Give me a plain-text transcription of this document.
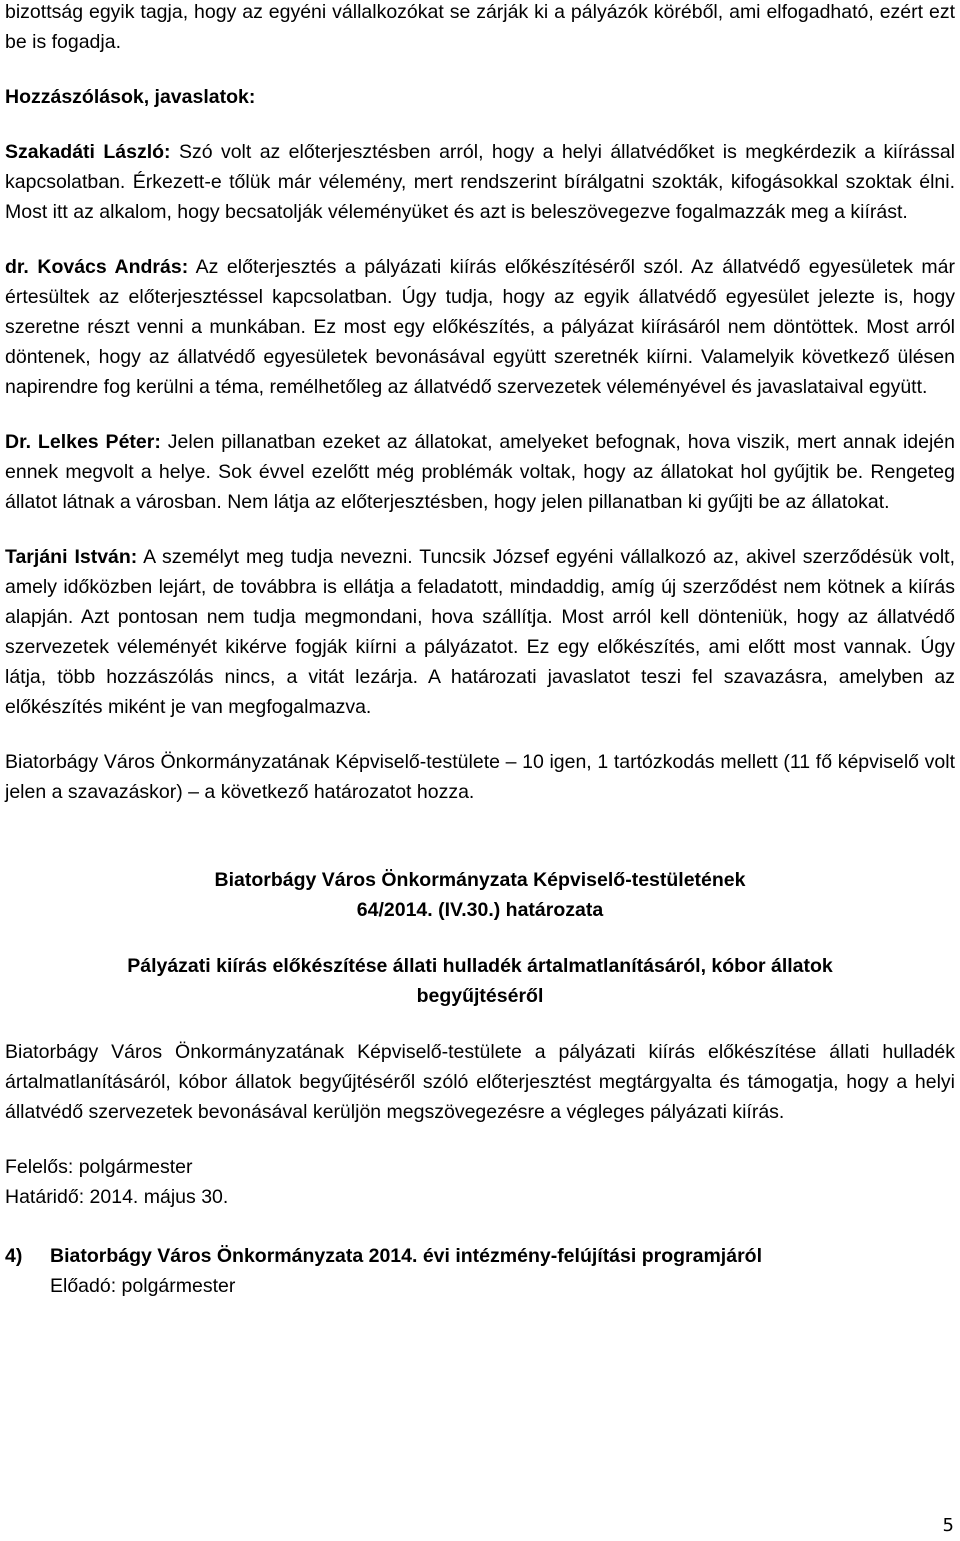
bizottság egyik tagja, hogy az egyéni vállalkozókat se zárják ki a pályázók köréből, ami elfogadható, ezért ezt be is fogadja.

Hozzászólások, javaslatok:

Szakadáti László: Szó volt az előterjesztésben arról, hogy a helyi állatvédőket is megkérdezik a kiírással kapcsolatban. Érkezett-e tőlük már vélemény, mert rendszerint bírálgatni szokták, kifogásokkal szoktak élni. Most itt az alkalom, hogy becsatolják véleményüket és azt is beleszövegezve fogalmazzák meg a kiírást.

dr. Kovács András: Az előterjesztés a pályázati kiírás előkészítéséről szól. Az állatvédő egyesületek már értesültek az előterjesztéssel kapcsolatban. Úgy tudja, hogy az egyik állatvédő egyesület jelezte is, hogy szeretne részt venni a munkában. Ez most egy előkészítés, a pályázat kiírásáról nem döntöttek. Most arról döntenek, hogy az állatvédő egyesületek bevonásával együtt szeretnék kiírni. Valamelyik következő ülésen napirendre fog kerülni a téma, remélhetőleg az állatvédő szervezetek véleményével és javaslataival együtt.

Dr. Lelkes Péter: Jelen pillanatban ezeket az állatokat, amelyeket befognak, hova viszik, mert annak idején ennek megvolt a helye. Sok évvel ezelőtt még problémák voltak, hogy az állatokat hol gyűjtik be. Rengeteg állatot látnak a városban. Nem látja az előterjesztésben, hogy jelen pillanatban ki gyűjti be az állatokat.

Tarjáni István: A személyt meg tudja nevezni. Tuncsik József egyéni vállalkozó az, akivel szerződésük volt, amely időközben lejárt, de továbbra is ellátja a feladatott, mindaddig, amíg új szerződést nem kötnek a kiírás alapján. Azt pontosan nem tudja megmondani, hova szállítja. Most arról kell dönteniük, hogy az állatvédő szervezetek véleményét kikérve fogják kiírni a pályázatot. Ez egy előkészítés, ami előtt most vannak. Úgy látja, több hozzászólás nincs, a vitát lezárja. A határozati javaslatot teszi fel szavazásra, amelyben az előkészítés miként je van megfogalmazva.

Biatorbágy Város Önkormányzatának Képviselő-testülete – 10 igen, 1 tartózkodás mellett (11 fő képviselő volt jelen a szavazáskor) – a következő határozatot hozza.

Biatorbágy Város Önkormányzata Képviselő-testületének
64/2014. (IV.30.) határozata
Pályázati kiírás előkészítése állati hulladék ártalmatlanításáról, kóbor állatok
begyűjtéséről

Biatorbágy Város Önkormányzatának Képviselő-testülete a pályázati kiírás előkészítése állati hulladék ártalmatlanításáról, kóbor állatok begyűjtéséről szóló előterjesztést megtárgyalta és támogatja, hogy a helyi állatvédő szervezetek bevonásával kerüljön megszövegezésre a végleges pályázati kiírás.

Felelős: polgármester
Határidő: 2014. május 30.
4)	Biatorbágy Város Önkormányzata 2014. évi intézmény-felújítási programjáról
Előadó: polgármester
5
